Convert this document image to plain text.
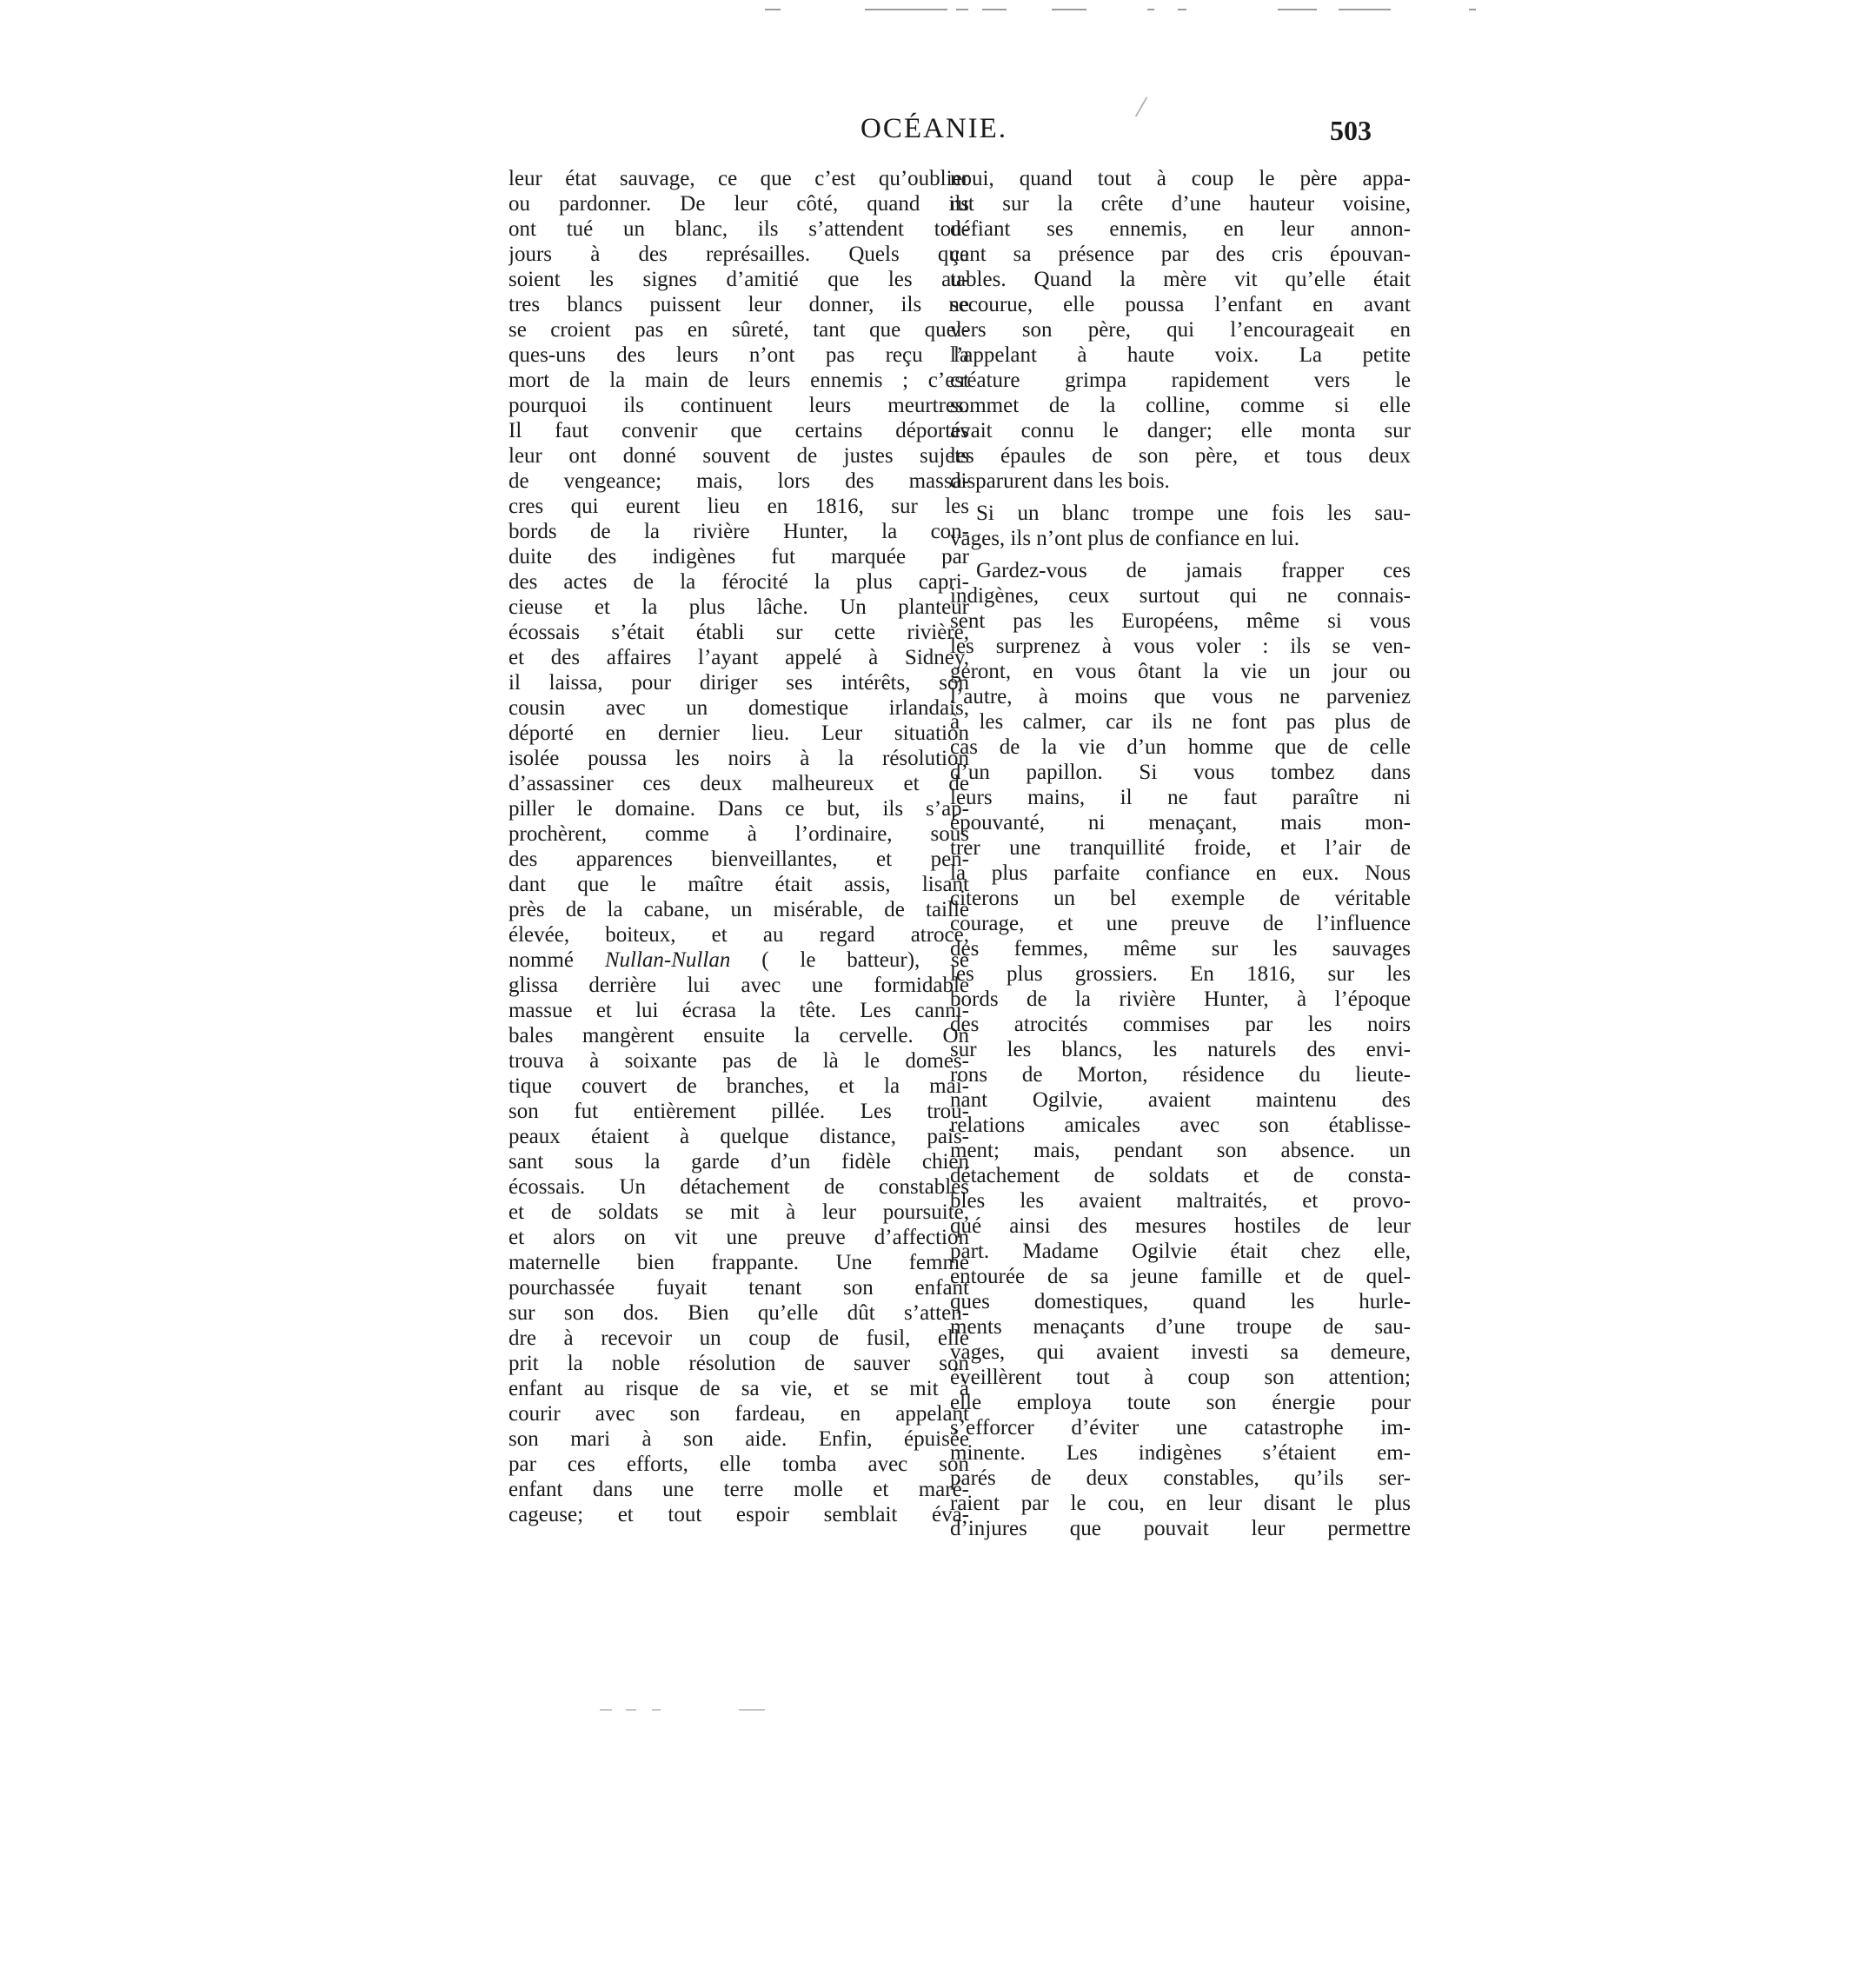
OCÉANIE.	503
leur état sauvage, ce que c’est qu’oublier
ou pardonner. De leur côté, quand ils
ont tué un blanc, ils s’attendent tou-
jours à des représailles. Quels que
soient les signes d’amitié que les au-
tres blancs puissent leur donner, ils ne
se croient pas en sûreté, tant que quel-
ques-uns des leurs n’ont pas reçu la
mort de la main de leurs ennemis ; c’est
pourquoi ils continuent leurs meurtres.
Il faut convenir que certains déportés
leur ont donné souvent de justes sujets
de vengeance; mais, lors des massa-
cres qui eurent lieu en 1816, sur les
bords de la rivière Hunter, la con-
duite des indigènes fut marquée par
des actes de la férocité la plus capri-
cieuse et la plus lâche. Un planteur
écossais s’était établi sur cette rivière,
et des affaires l’ayant appelé à Sidney,
il laissa, pour diriger ses intérêts, son
cousin avec un domestique irlandais,
déporté en dernier lieu. Leur situation
isolée poussa les noirs à la résolution
d’assassiner ces deux malheureux et de
piller le domaine. Dans ce but, ils s’ap-
prochèrent, comme à l’ordinaire, sous
des apparences bienveillantes, et pen-
dant que le maître était assis, lisant
près de la cabane, un misérable, de taille
élevée, boiteux, et au regard atroce,
nommé Nullan-Nullan ( le batteur), se
glissa derrière lui avec une formidable
massue et lui écrasa la tête. Les canni-
bales mangèrent ensuite la cervelle. On
trouva à soixante pas de là le domes-
tique couvert de branches, et la mai-
son fut entièrement pillée. Les trou-
peaux étaient à quelque distance, pais-
sant sous la garde d’un fidèle chien
écossais. Un détachement de constables
et de soldats se mit à leur poursuite,
et alors on vit une preuve d’affection
maternelle bien frappante. Une femme
pourchassée fuyait tenant son enfant
sur son dos. Bien qu’elle dût s’atten-
dre à recevoir un coup de fusil, elle
prit la noble résolution de sauver son
enfant au risque de sa vie, et se mit à
courir avec son fardeau, en appelant
son mari à son aide. Enfin, épuisée
par ces efforts, elle tomba avec son
enfant dans une terre molle et maré-
cageuse; et tout espoir semblait éva-
noui, quand tout à coup le père appa-
rut sur la crête d’une hauteur voisine,
défiant ses ennemis, en leur annon-
çant sa présence par des cris épouvan-
tables. Quand la mère vit qu’elle était
secourue, elle poussa l’enfant en avant
vers son père, qui l’encourageait en
l’appelant à haute voix. La petite
créature grimpa rapidement vers le
sommet de la colline, comme si elle
avait connu le danger; elle monta sur
les épaules de son père, et tous deux
disparurent dans les bois.
Si un blanc trompe une fois les sau-
vages, ils n’ont plus de confiance en lui.
Gardez-vous de jamais frapper ces
indigènes, ceux surtout qui ne connais-
sent pas les Européens, même si vous
les surprenez à vous voler : ils se ven-
geront, en vous ôtant la vie un jour ou
l’autre, à moins que vous ne parveniez
à les calmer, car ils ne font pas plus de
cas de la vie d’un homme que de celle
d’un papillon. Si vous tombez dans
leurs mains, il ne faut paraître ni
épouvanté, ni menaçant, mais mon-
trer une tranquillité froide, et l’air de
la plus parfaite confiance en eux. Nous
citerons un bel exemple de véritable
courage, et une preuve de l’influence
des femmes, même sur les sauvages
les plus grossiers. En 1816, sur les
bords de la rivière Hunter, à l’époque
des atrocités commises par les noirs
sur les blancs, les naturels des envi-
rons de Morton, résidence du lieute-
nant Ogilvie, avaient maintenu des
relations amicales avec son établisse-
ment; mais, pendant son absence. un
détachement de soldats et de consta-
bles les avaient maltraités, et provo-
qué ainsi des mesures hostiles de leur
part. Madame Ogilvie était chez elle,
entourée de sa jeune famille et de quel-
ques domestiques, quand les hurle-
ments menaçants d’une troupe de sau-
vages, qui avaient investi sa demeure,
éveillèrent tout à coup son attention;
elle employa toute son énergie pour
s’efforcer d’éviter une catastrophe im-
minente. Les indigènes s’étaient em-
parés de deux constables, qu’ils ser-
raient par le cou, en leur disant le plus
d’injures que pouvait leur permettre
